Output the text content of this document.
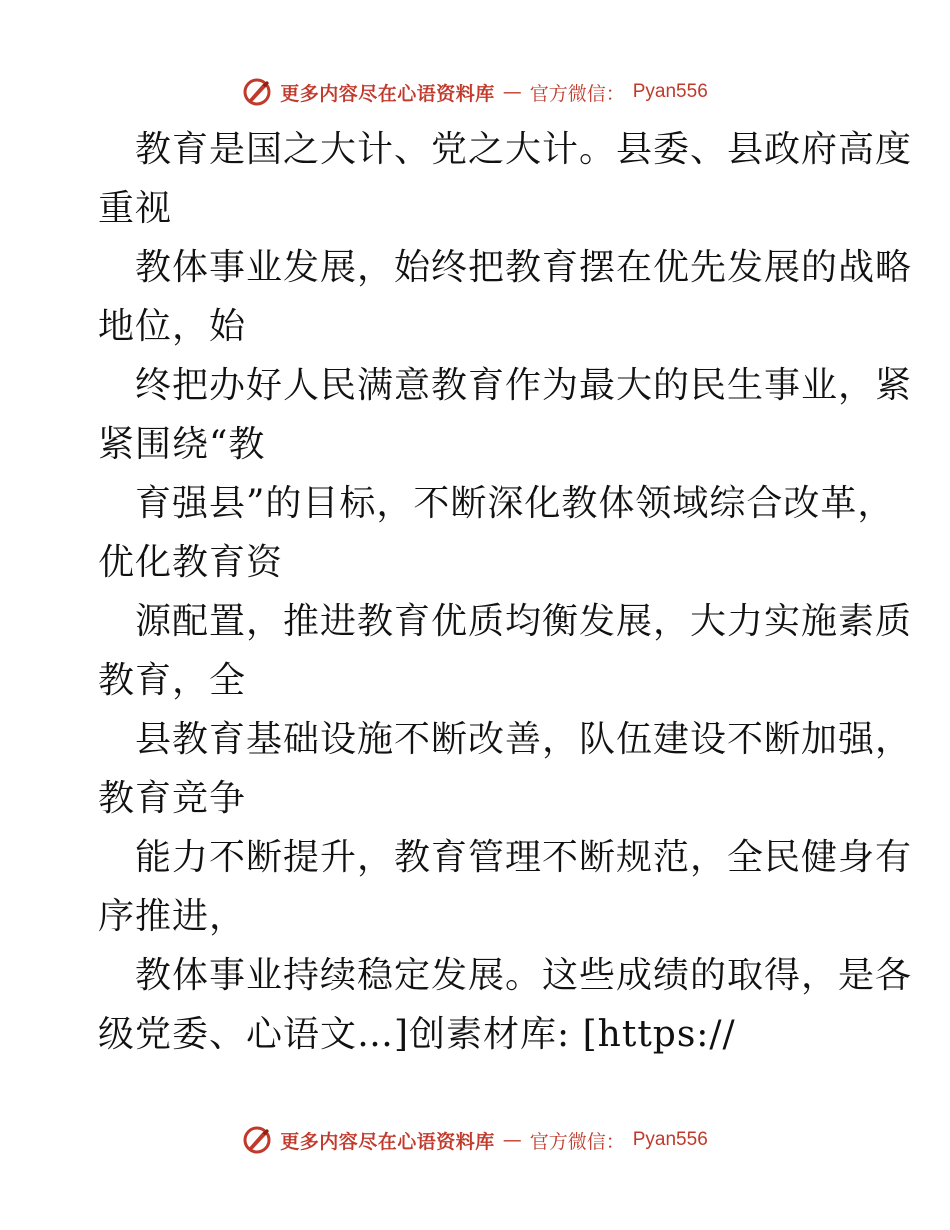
更多内容尽在心语资料库 — 官方微信： Pyan556

教育是国之大计、党之大计。县委、县政府高度
重视

教体事业发展，始终把教育摆在优先发展的战略
地位，始

终把办好人民满意教育作为最大的民生事业，紧
紧围绕“教

育强县”的目标，不断深化教体领域综合改革，
优化教育资

源配置，推进教育优质均衡发展，大力实施素质
教育，全

县教育基础设施不断改善，队伍建设不断加强，
教育竞争

能力不断提升，教育管理不断规范，全民健身有
序推进，

教体事业持续稳定发展。这些成绩的取得，是各
级党委、心语文…]创素材库: [https://

更多内容尽在心语资料库 — 官方微信： Pyan556
